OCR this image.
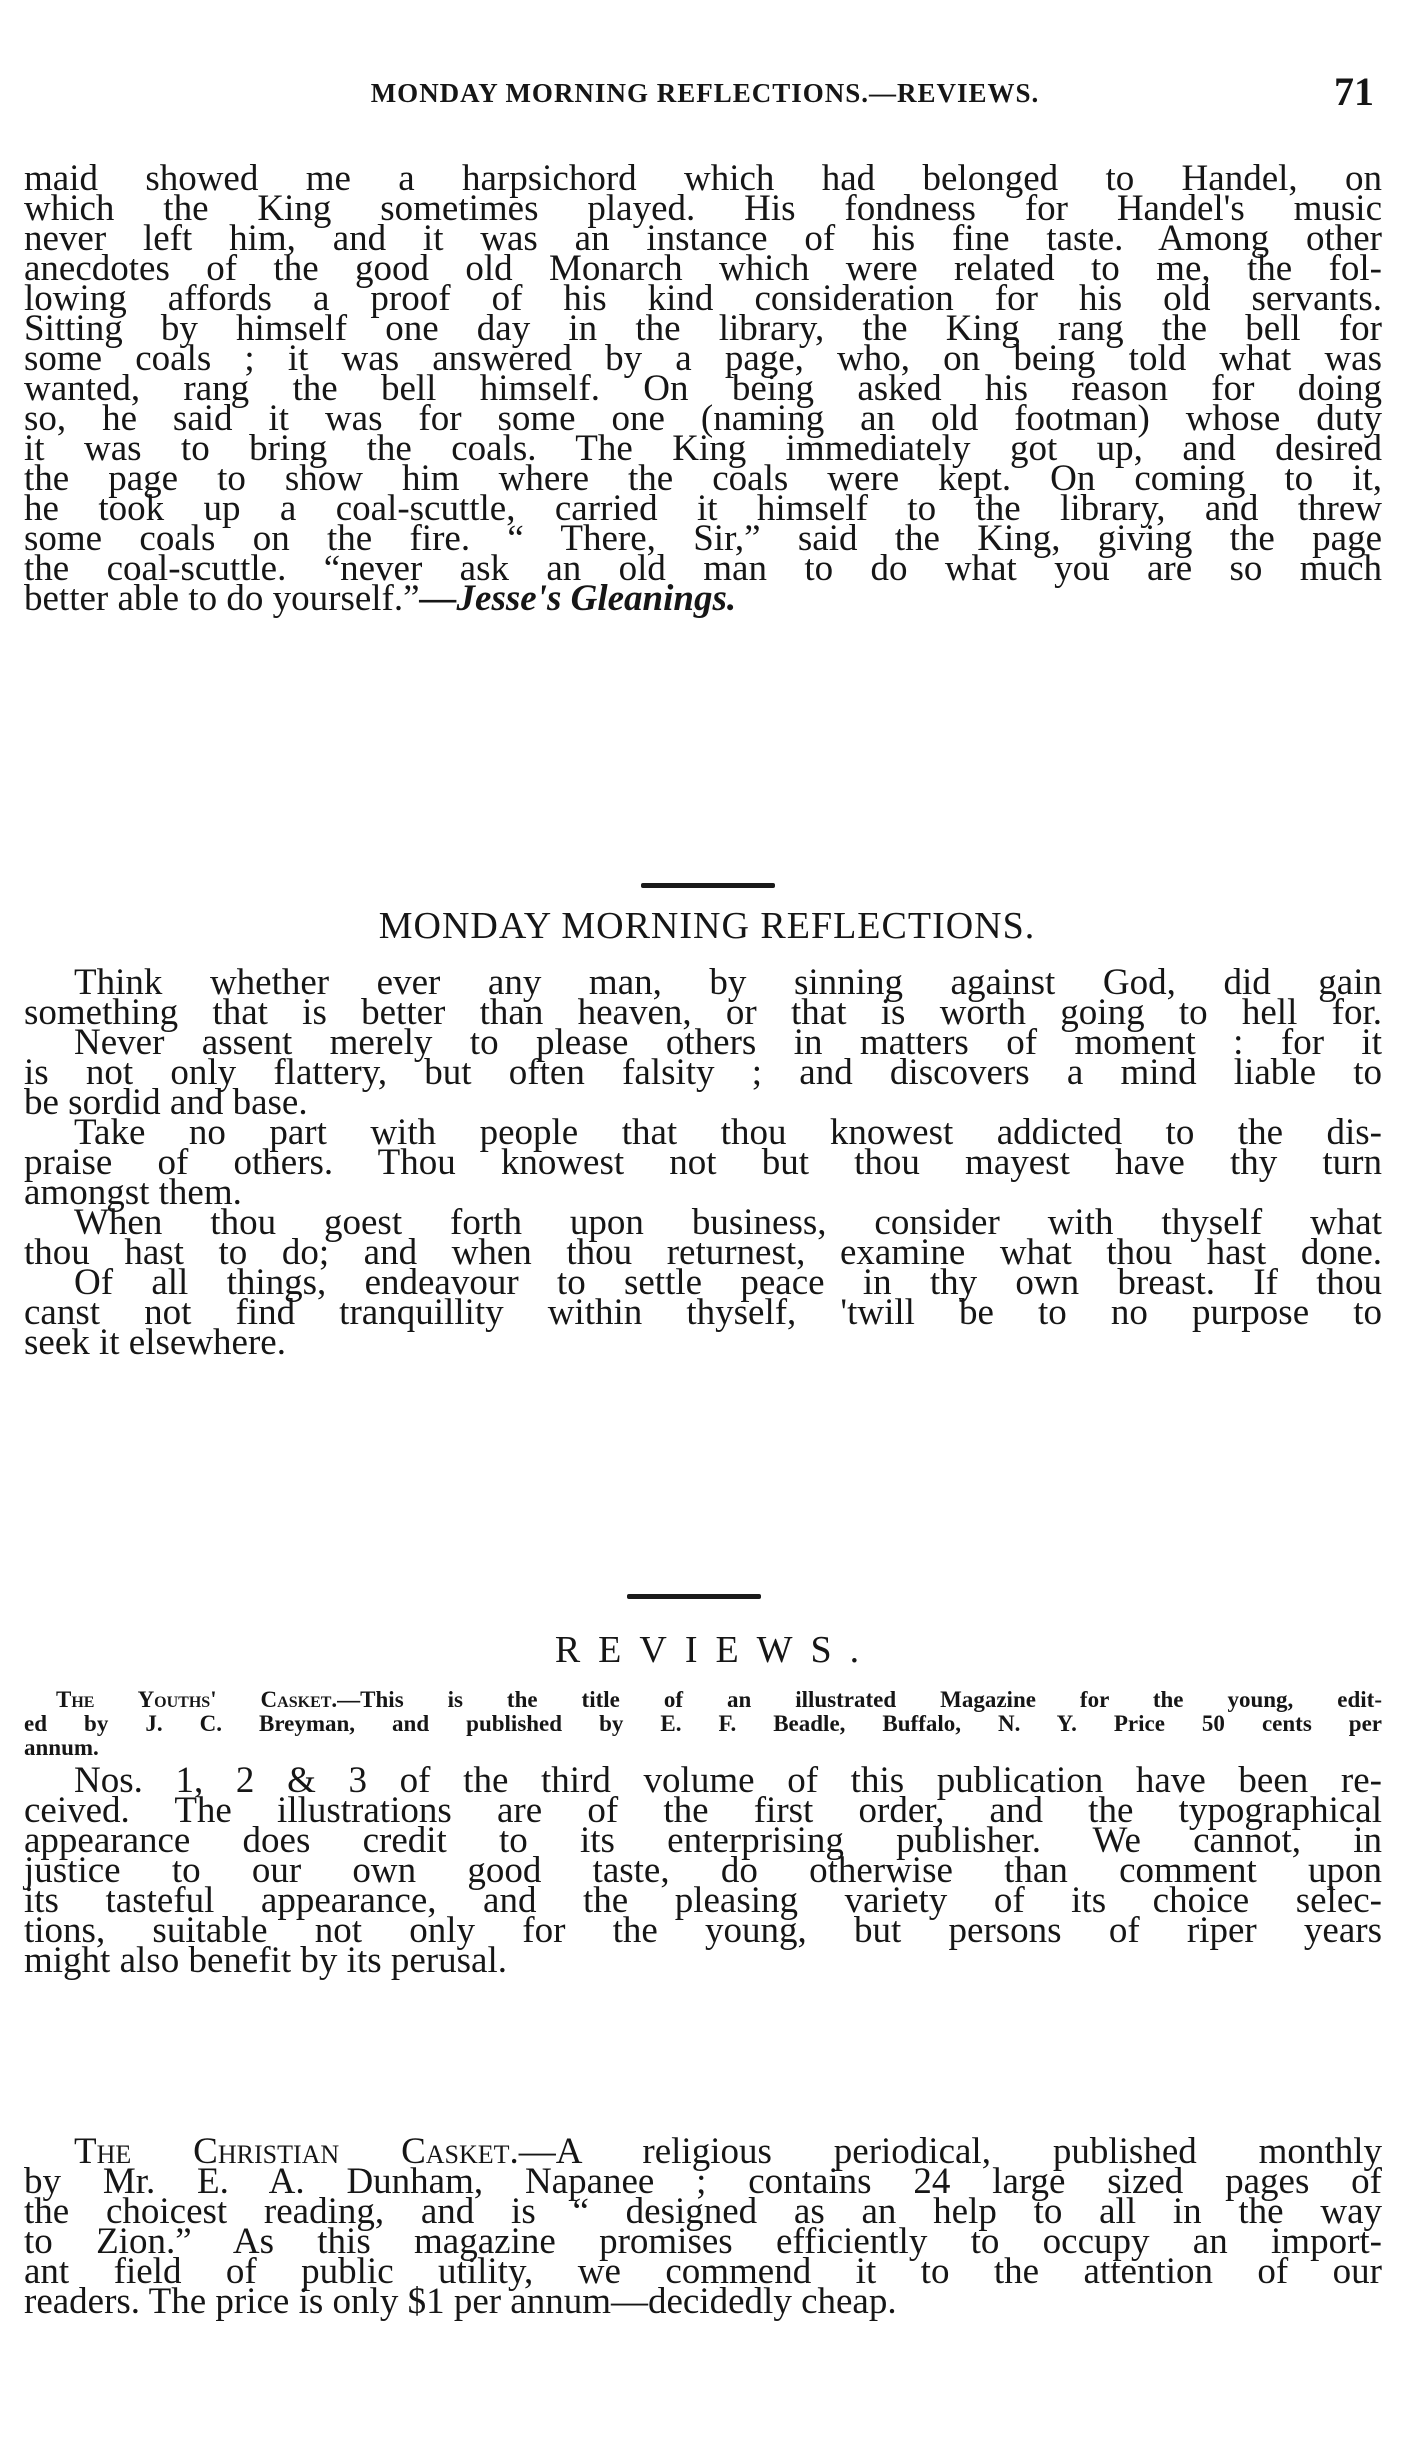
MONDAY MORNING REFLECTIONS.—REVIEWS.	71
maid showed me a harpsichord which had belonged to Handel, on
which the King sometimes played. His fondness for Handel's music
never left him, and it was an instance of his fine taste. Among other
anecdotes of the good old Monarch which were related to me, the fol-
lowing affords a proof of his kind consideration for his old servants.
Sitting by himself one day in the library, the King rang the bell for
some coals ; it was answered by a page, who, on being told what was
wanted, rang the bell himself. On being asked his reason for doing
so, he said it was for some one (naming an old footman) whose duty
it was to bring the coals. The King immediately got up, and desired
the page to show him where the coals were kept. On coming to it,
he took up a coal-scuttle, carried it himself to the library, and threw
some coals on the fire. “ There, Sir,” said the King, giving the page
the coal-scuttle. “never ask an old man to do what you are so much
better able to do yourself.”—Jesse's Gleanings.
MONDAY MORNING REFLECTIONS.
Think whether ever any man, by sinning against God, did gain
something that is better than heaven, or that is worth going to hell for.
Never assent merely to please others in matters of moment : for it
is not only flattery, but often falsity ; and discovers a mind liable to
be sordid and base.
Take no part with people that thou knowest addicted to the dis-
praise of others. Thou knowest not but thou mayest have thy turn
amongst them.
When thou goest forth upon business, consider with thyself what
thou hast to do; and when thou returnest, examine what thou hast done.
Of all things, endeavour to settle peace in thy own breast. If thou
canst not find tranquillity within thyself, 'twill be to no purpose to
seek it elsewhere.
REVIEWS.
The Youths' Casket.—This is the title of an illustrated Magazine for the young, edit-
ed by J. C. Breyman, and published by E. F. Beadle, Buffalo, N. Y. Price 50 cents per
annum.
Nos. 1, 2 & 3 of the third volume of this publication have been re-
ceived. The illustrations are of the first order, and the typographical
appearance does credit to its enterprising publisher. We cannot, in
justice to our own good taste, do otherwise than comment upon
its tasteful appearance, and the pleasing variety of its choice selec-
tions, suitable not only for the young, but persons of riper years
might also benefit by its perusal.
The Christian Casket.—A religious periodical, published monthly
by Mr. E. A. Dunham, Napanee ; contains 24 large sized pages of
the choicest reading, and is “ designed as an help to all in the way
to Zion.” As this magazine promises efficiently to occupy an import-
ant field of public utility, we commend it to the attention of our
readers. The price is only $1 per annum—decidedly cheap.
